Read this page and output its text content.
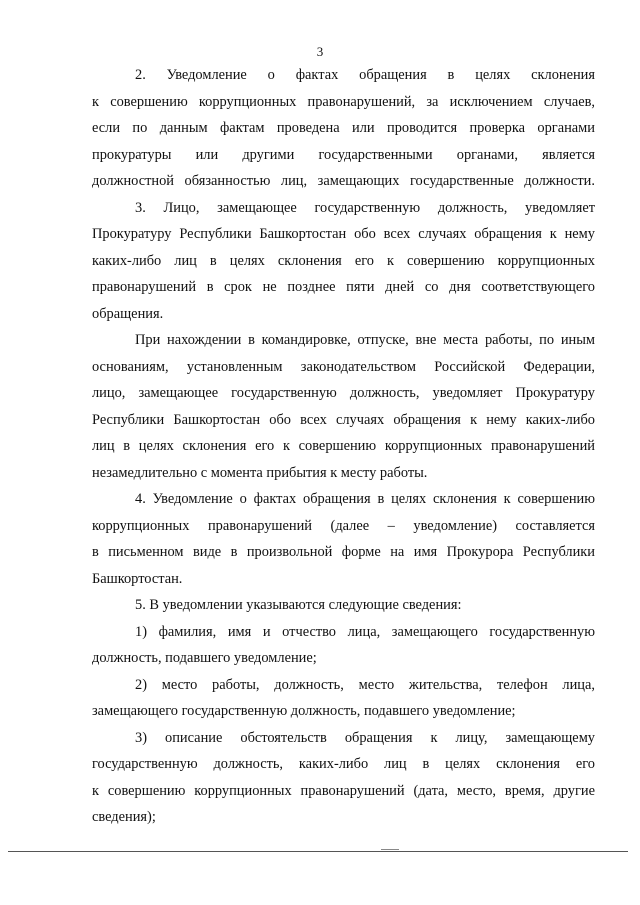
3
2. Уведомление о фактах обращения в целях склонения
к совершению коррупционных правонарушений, за исключением случаев,
если по данным фактам проведена или проводится проверка органами
прокуратуры или другими государственными органами, является
должностной обязанностью лиц, замещающих государственные должности.
3. Лицо, замещающее государственную должность, уведомляет
Прокуратуру Республики Башкортостан обо всех случаях обращения к нему
каких-либо лиц в целях склонения его к совершению коррупционных
правонарушений в срок не позднее пяти дней со дня соответствующего
обращения.
При нахождении в командировке, отпуске, вне места работы, по иным
основаниям, установленным законодательством Российской Федерации,
лицо, замещающее государственную должность, уведомляет Прокуратуру
Республики Башкортостан обо всех случаях обращения к нему каких-либо
лиц в целях склонения его к совершению коррупционных правонарушений
незамедлительно с момента прибытия к месту работы.
4. Уведомление о фактах обращения в целях склонения к совершению
коррупционных правонарушений (далее – уведомление) составляется
в письменном виде в произвольной форме на имя Прокурора Республики
Башкортостан.
5. В уведомлении указываются следующие сведения:
1) фамилия, имя и отчество лица, замещающего государственную
должность, подавшего уведомление;
2) место работы, должность, место жительства, телефон лица,
замещающего государственную должность, подавшего уведомление;
3) описание обстоятельств обращения к лицу, замещающему
государственную должность, каких-либо лиц в целях склонения его
к совершению коррупционных правонарушений (дата, место, время, другие
сведения);
